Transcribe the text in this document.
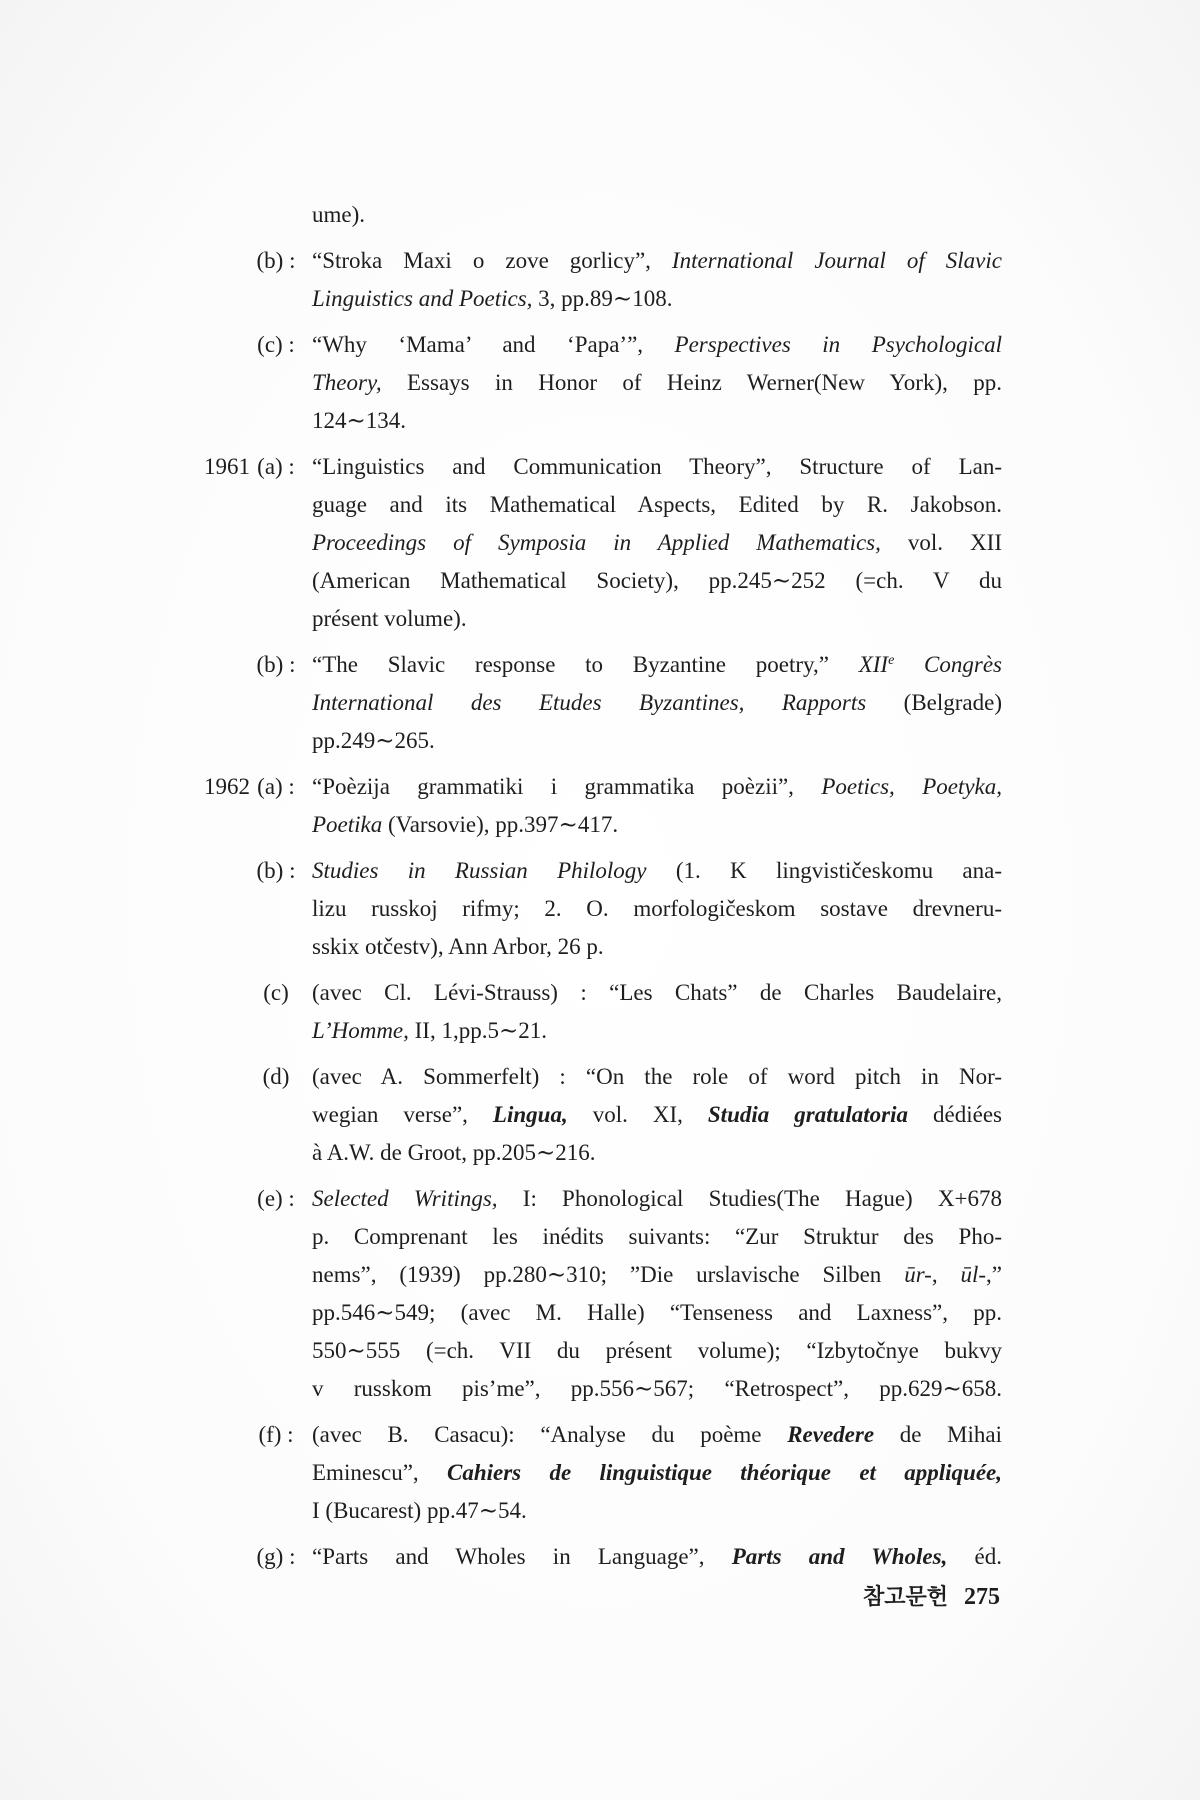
ume).
(b) : “Stroka Maxi o zove gorlicy”, International Journal of Slavic
Linguistics and Poetics, 3, pp.89∼108.
(c) : “Why ‘Mama’ and ‘Papa’”, Perspectives in Psychological
Theory, Essays in Honor of Heinz Werner(New York), pp.
124∼134.
1961 (a) : “Linguistics and Communication Theory”, Structure of Lan-
guage and its Mathematical Aspects, Edited by R. Jakobson.
Proceedings of Symposia in Applied Mathematics, vol. XII
(American Mathematical Society), pp.245∼252 (=ch. V du
présent volume).
(b) : “The Slavic response to Byzantine poetry,” XIIe Congrès
International des Etudes Byzantines, Rapports (Belgrade)
pp.249∼265.
1962 (a) : “Poèzija grammatiki i grammatika poèzii”, Poetics, Poetyka,
Poetika (Varsovie), pp.397∼417.
(b) : Studies in Russian Philology (1. K lingvističeskomu ana-
lizu russkoj rifmy; 2. O. morfologičeskom sostave drevneru-
sskix otčestv), Ann Arbor, 26 p.
(c)	(avec Cl. Lévi-Strauss) : “Les Chats” de Charles Baudelaire,
L’Homme, II, 1,pp.5∼21.
(d) (avec A. Sommerfelt) : “On the role of word pitch in Nor-
wegian verse”, Lingua, vol. XI, Studia gratulatoria dédiées
à A.W. de Groot, pp.205∼216.
(e) : Selected Writings, I: Phonological Studies(The Hague) X+678
p. Comprenant les inédits suivants: “Zur Struktur des Pho-
nems”, (1939) pp.280∼310; ”Die urslavische Silben ūr-, ūl-,”
pp.546∼549; (avec M. Halle) “Tenseness and Laxness”, pp.
550∼555 (=ch. VII du présent volume); “Izbytočnye bukvy
v russkom pis’me”, pp.556∼567; “Retrospect”, pp.629∼658.
(f) : (avec B. Casacu): “Analyse du poème Revedere de Mihai
Eminescu”, Cahiers de linguistique théorique et appliquée,
I (Bucarest) pp.47∼54.
(g) : “Parts and Wholes in Language”, Parts and Wholes, éd.
참고문헌 275
